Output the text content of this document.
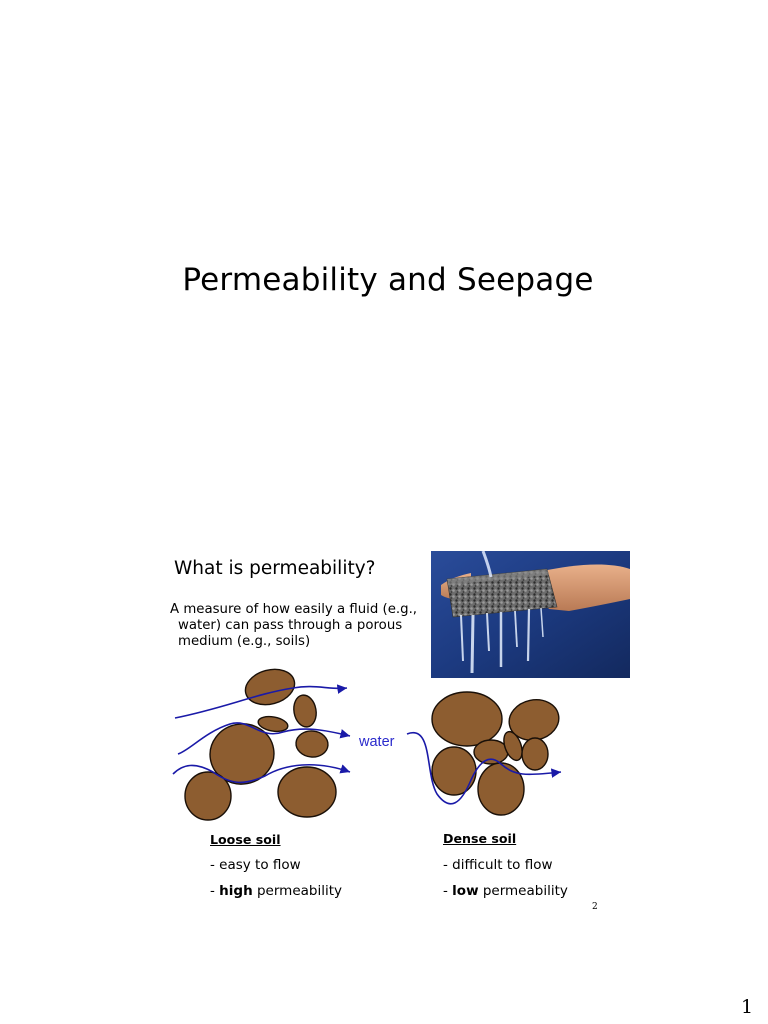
Permeability and Seepage
What is permeability?
A measure of how easily a fluid (e.g.,
water) can pass through a porous
medium (e.g., soils)
water
Loose soil
- easy to flow
- high permeability
Dense soil
- difficult to flow
- low permeability
2
1
